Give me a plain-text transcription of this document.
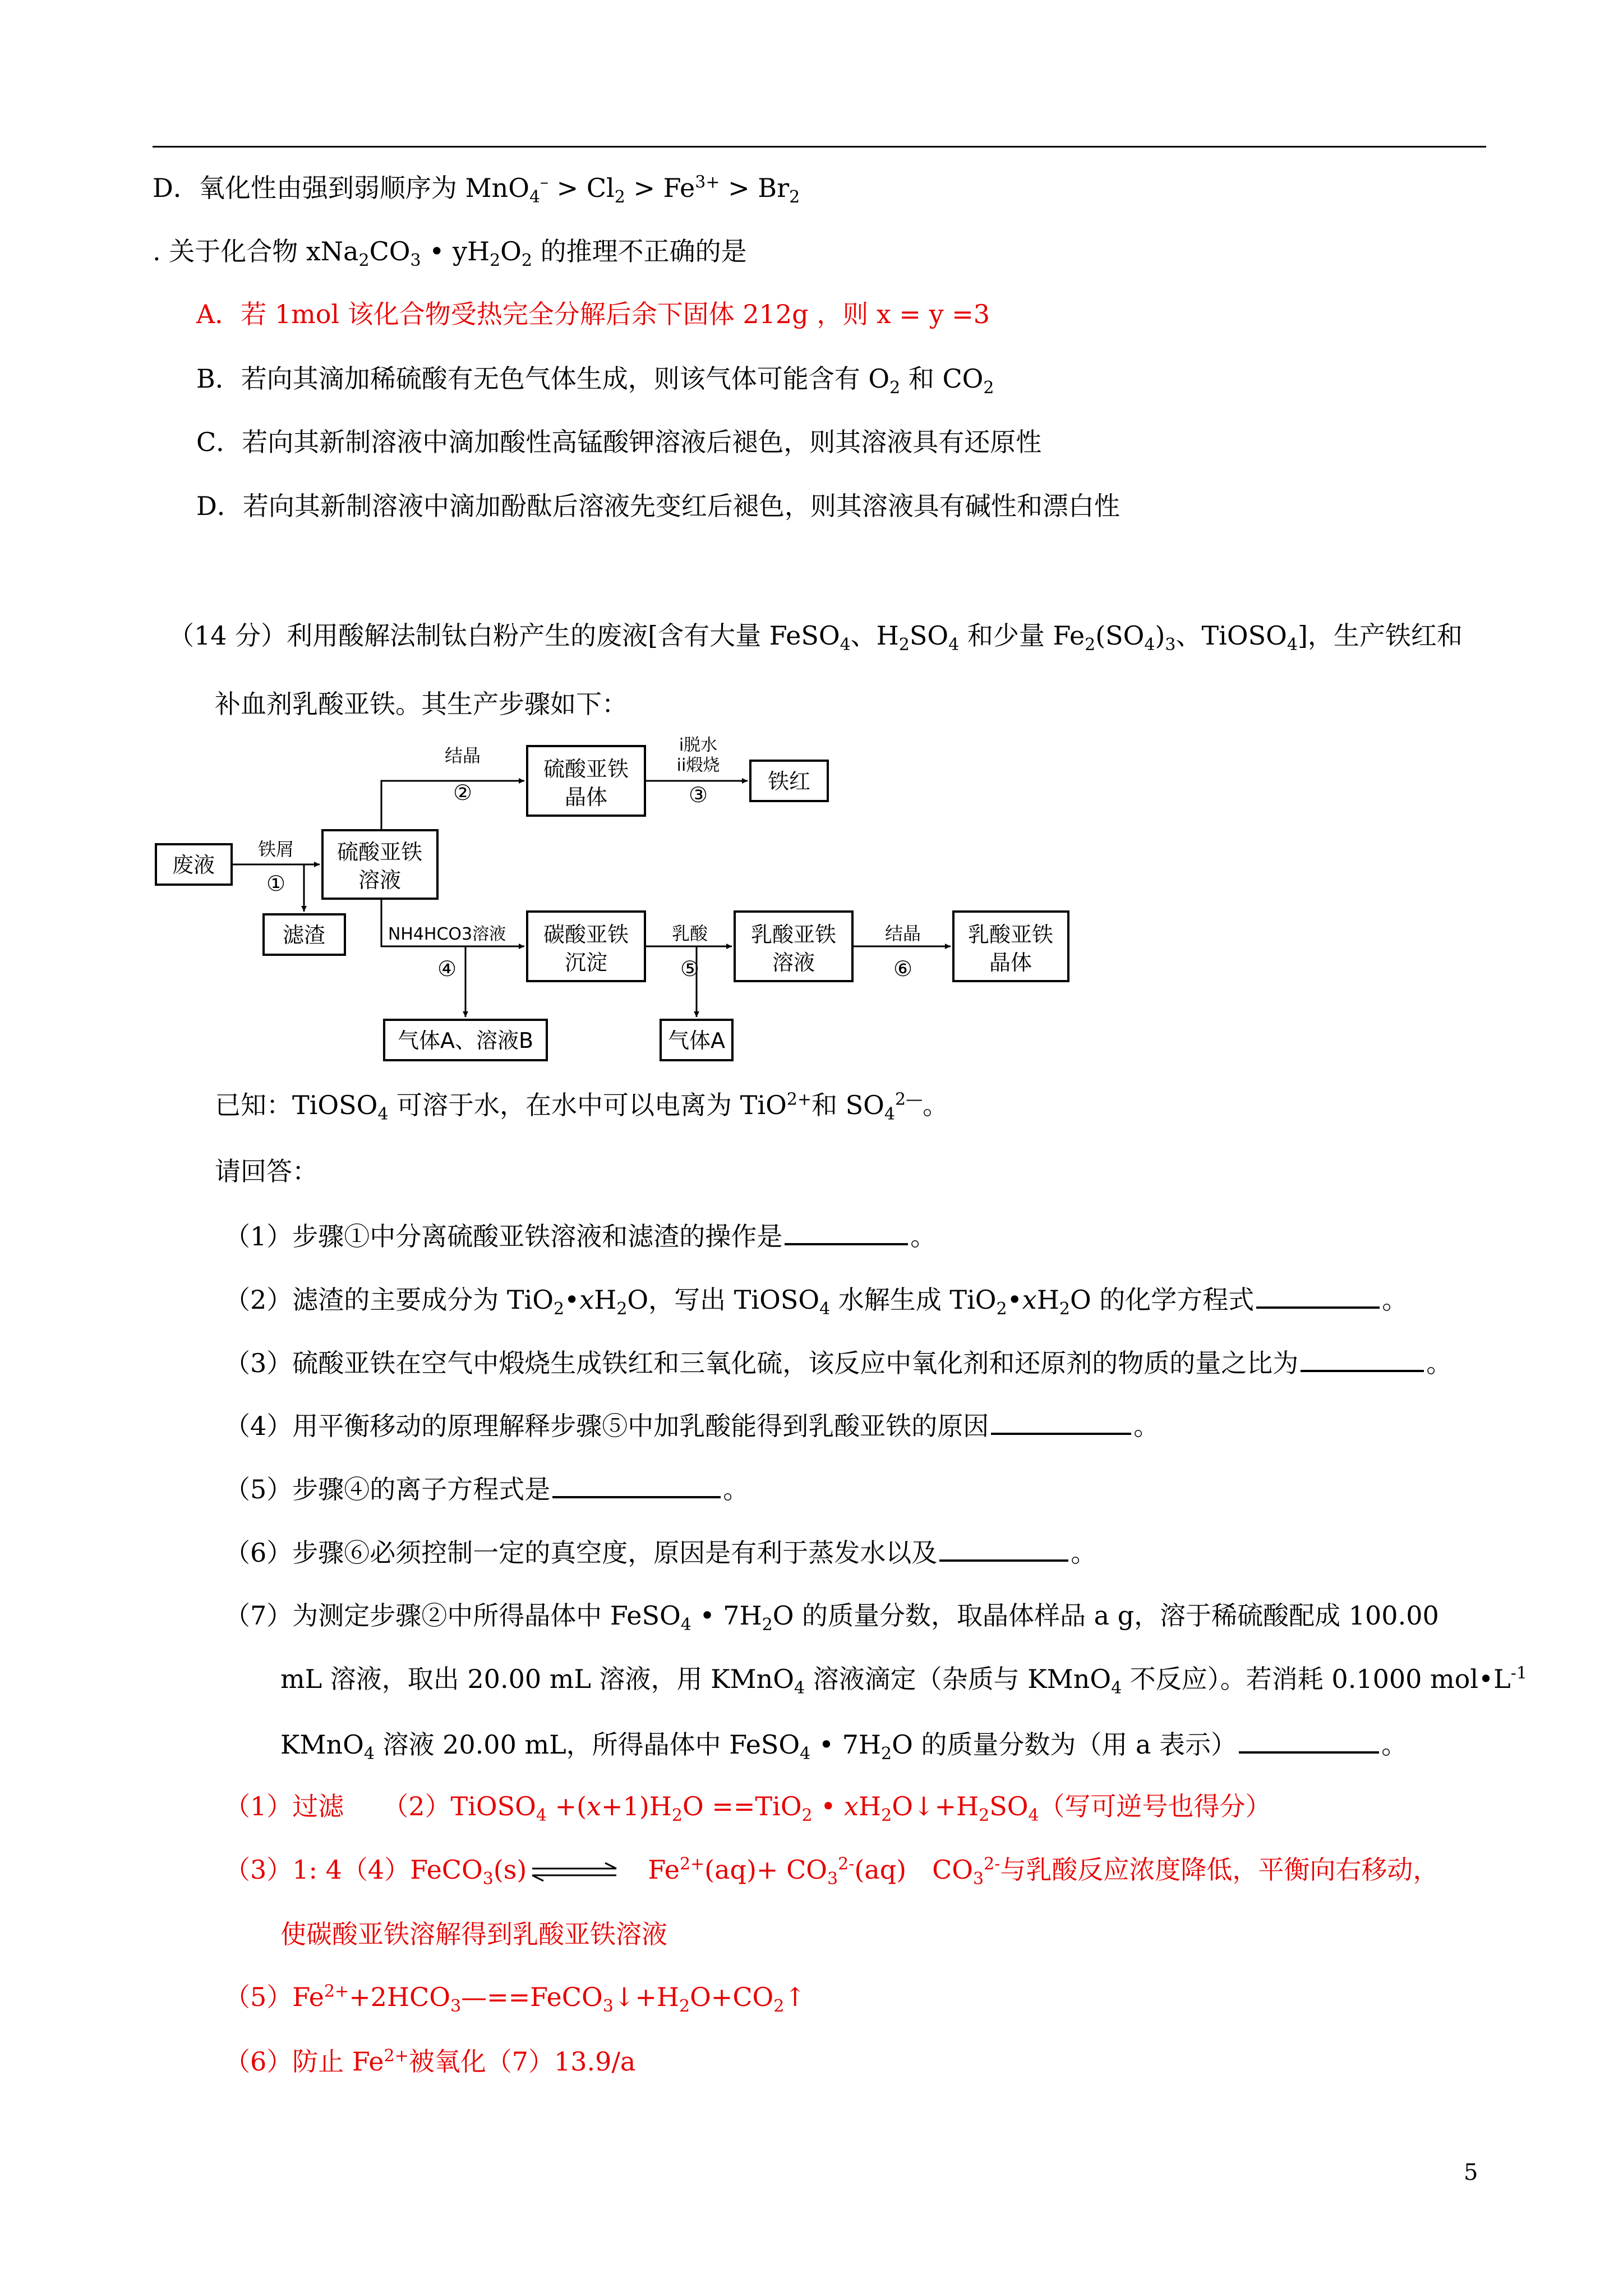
D．氧化性由强到弱顺序为 $MnO_4^- > Cl_2 > Fe^{3+} > Br_2$
. 关于化合物 $xNa_2CO_3$ • $yH_2O_2$ 的推理不正确的是
A．若 1mol 该化合物受热完全分解后余下固体 212g ，则 x = y =3
B．若向其滴加稀硫酸有无色气体生成，则该气体可能含有 $O_2$ 和 $CO_2$
C．若向其新制溶液中滴加酸性高锰酸钾溶液后褪色，则其溶液具有还原性
D．若向其新制溶液中滴加酚酞后溶液先变红后褪色，则其溶液具有碱性和漂白性
（14 分）利用酸解法制钛白粉产生的废液[含有大量 FeSO$_4$、$H_2SO_4$ 和少量 $Fe_2(SO_4)_3$、TiOSO$_4$]，生产铁红和
补血剂乳酸亚铁。其生产步骤如下：
废液
硫酸亚铁
溶液
滤渣
硫酸亚铁
晶体
铁红
碳酸亚铁
沉淀
乳酸亚铁
溶液
乳酸亚铁
晶体
气体A、溶液B	气体A
铁屑
①
结晶
②
i脱水
ii煅烧
③
NH4HCO3溶液
④
乳酸
⑤
结晶
⑥
已知：TiOSO$_4$ 可溶于水，在水中可以电离为 TiO$^{2+}$和 $SO_4^{2—}$。
请回答：
（1）步骤①中分离硫酸亚铁溶液和滤渣的操作是	。
（2）滤渣的主要成分为 $TiO_2•xH_2O$，写出 TiOSO$_4$ 水解生成 $TiO_2•xH_2O$ 的化学方程式	。
（3）硫酸亚铁在空气中煅烧生成铁红和三氧化硫，该反应中氧化剂和还原剂的物质的量之比为	。
（4）用平衡移动的原理解释步骤⑤中加乳酸能得到乳酸亚铁的原因	。
（5）步骤④的离子方程式是	。
（6）步骤⑥必须控制一定的真空度，原因是有利于蒸发水以及	。
（7）为测定步骤②中所得晶体中 FeSO$_4$ • $7H_2O$ 的质量分数，取晶体样品 a g，溶于稀硫酸配成 100.00
mL 溶液，取出 20.00 mL 溶液，用 KMnO$_4$ 溶液滴定（杂质与 KMnO$_4$ 不反应）。若消耗 0.1000 $mol•L^{-1}$
KMnO$_4$ 溶液 20.00 mL，所得晶体中 FeSO$_4$ • $7H_2O$ 的质量分数为（用 a 表示）	。
（1）过滤　　（2）TiOSO$_4$ $+(x+1)H_2O ==TiO_2$ • $xH_2O↓+H_2SO_4$（写可逆号也得分）
（3）1: 4（4）FeCO$_3$(s)⇌ 　$Fe^{2+}(aq)+ CO_3^{2-}(aq)$　$CO_3^{2-}$与乳酸反应浓度降低，平衡向右移动，
使碳酸亚铁溶解得到乳酸亚铁溶液
$(5)Fe^{2+}+2HCO_3—==FeCO_3↓+H_2O+CO_2↑$
（6）防止 $Fe^{2+}$被氧化（7）13.9/a
5
